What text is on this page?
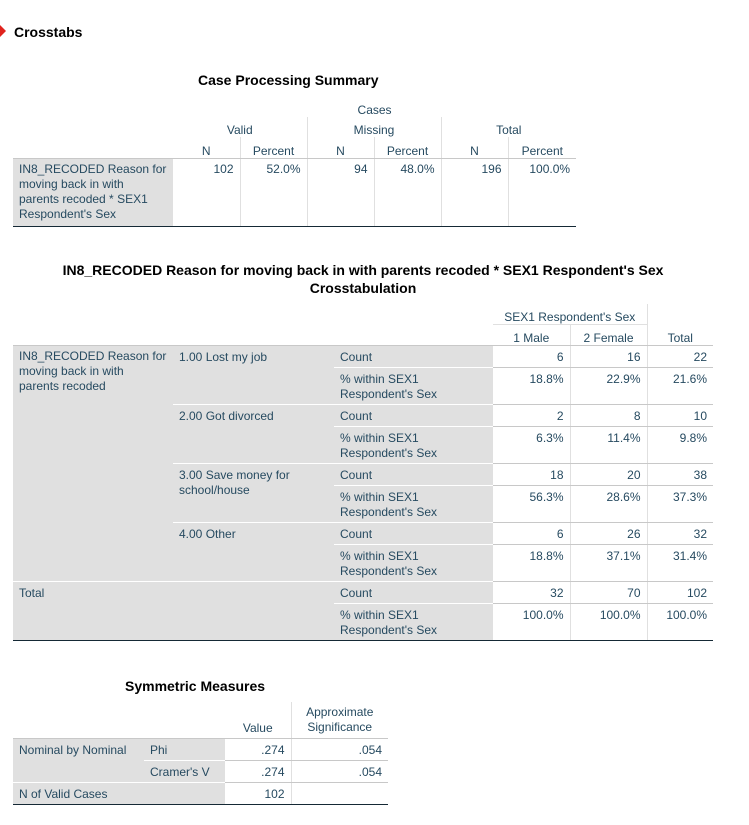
Crosstabs
Case Processing Summary
	Cases					
	Valid		Missing		Total	
	N	Percent	N	Percent	N	Percent
IN8_RECODED Reason for moving back in with parents recoded * SEX1 Respondent's Sex	102	52.0%	94	48.0%	196	100.0%
IN8_RECODED Reason for moving back in with parents recoded * SEX1 Respondent's Sex
Crosstabulation
			SEX1 Respondent's Sex		
			1 Male	2 Female	Total
IN8_RECODED Reason for moving back in with parents recoded	1.00 Lost my job	Count	6	16	22
		% within SEX1 Respondent's Sex	18.8%	22.9%	21.6%
	2.00 Got divorced	Count	2	8	10
		% within SEX1 Respondent's Sex	6.3%	11.4%	9.8%
	3.00 Save money for school/house	Count	18	20	38
		% within SEX1 Respondent's Sex	56.3%	28.6%	37.3%
	4.00 Other	Count	6	26	32
		% within SEX1 Respondent's Sex	18.8%	37.1%	31.4%
Total		Count	32	70	102
		% within SEX1 Respondent's Sex	100.0%	100.0%	100.0%
Symmetric Measures
		Value	Approximate Significance
Nominal by Nominal	Phi	.274	.054
	Cramer's V	.274	.054
N of Valid Cases		102	
